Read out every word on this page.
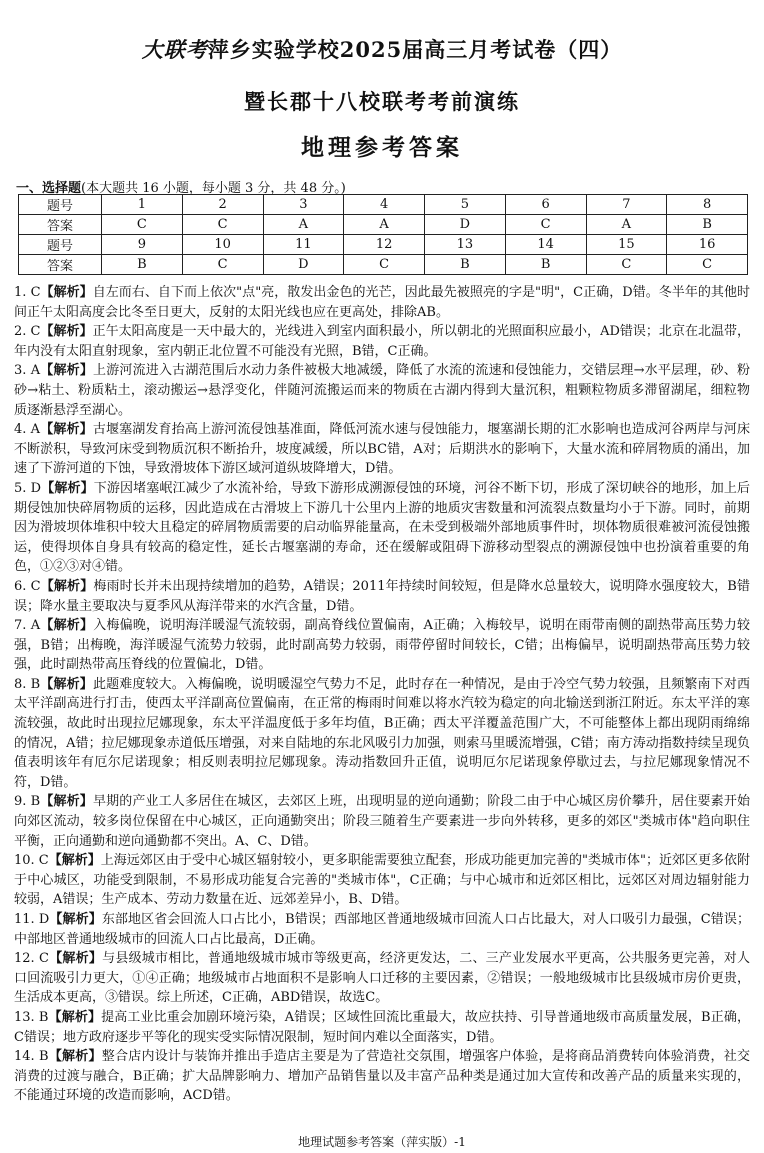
大联考萍乡实验学校2025届高三月考试卷（四）
暨长郡十八校联考考前演练
地理参考答案
一、选择题(本大题共 16 小题，每小题 3 分，共 48 分。)
题号	1	2	3	4	5	6	7	8
答案	C	C	A	A	D	C	A	B
题号	9	10	11	12	13	14	15	16
答案	B	C	D	C	B	B	C	C

1. C【解析】自左而右、自下而上依次"点"亮，散发出金色的光芒，因此最先被照亮的字是"明"，C正确，D错。冬半年的其他时间正午太阳高度会比冬至日更大，反射的太阳光线也应在更高处，排除AB。

2. C【解析】正午太阳高度是一天中最大的，光线进入到室内面积最小，所以朝北的光照面积应最小，AD错误；北京在北温带，年内没有太阳直射现象，室内朝正北位置不可能没有光照，B错，C正确。

3. A【解析】上游河流进入古湖范围后水动力条件被极大地减缓，降低了水流的流速和侵蚀能力，交错层理→水平层理，砂、粉砂→粘土、粉质粘土，滚动搬运→悬浮变化，伴随河流搬运而来的物质在古湖内得到大量沉积，粗颗粒物质多滞留湖尾，细粒物质逐渐悬浮至湖心。

4. A【解析】古堰塞湖发育抬高上游河流侵蚀基准面，降低河流水速与侵蚀能力，堰塞湖长期的汇水影响也造成河谷两岸与河床不断淤积，导致河床受到物质沉积不断抬升，坡度减缓，所以BC错，A对；后期洪水的影响下，大量水流和碎屑物质的涌出，加速了下游河道的下蚀，导致滑坡体下游区域河道纵坡降增大，D错。

5. D【解析】下游因堵塞岷江减少了水流补给，导致下游形成溯源侵蚀的环境，河谷不断下切，形成了深切峡谷的地形，加上后期侵蚀加快碎屑物质的运移，因此造成在古滑坡上下游几十公里内上游的地质灾害数量和河流裂点数量均小于下游。同时，前期因为滑坡坝体堆积中较大且稳定的碎屑物质需要的启动临界能量高，在未受到极端外部地质事件时，坝体物质很难被河流侵蚀搬运，使得坝体自身具有较高的稳定性，延长古堰塞湖的寿命，还在缓解或阻碍下游移动型裂点的溯源侵蚀中也扮演着重要的角色，①②③对④错。

6. C【解析】梅雨时长并未出现持续增加的趋势，A错误；2011年持续时间较短，但是降水总量较大，说明降水强度较大，B错误；降水量主要取决与夏季风从海洋带来的水汽含量，D错。

7. A【解析】入梅偏晚，说明海洋暖湿气流较弱，副高脊线位置偏南，A正确；入梅较早，说明在雨带南侧的副热带高压势力较强，B错；出梅晚，海洋暖湿气流势力较弱，此时副高势力较弱，雨带停留时间较长，C错；出梅偏早，说明副热带高压势力较强，此时副热带高压脊线的位置偏北，D错。

8. B【解析】此题难度较大。入梅偏晚，说明暖湿空气势力不足，此时存在一种情况，是由于冷空气势力较强，且频繁南下对西太平洋副高进行打击，使西太平洋副高位置偏南，在正常的梅雨时间难以将水汽较为稳定的向北输送到浙江附近。东太平洋的寒流较强，故此时出现拉尼娜现象，东太平洋温度低于多年均值，B正确；西太平洋覆盖范围广大，不可能整体上都出现阴雨绵绵的情况，A错；拉尼娜现象赤道低压增强，对来自陆地的东北风吸引力加强，则索马里暖流增强，C错；南方涛动指数持续呈现负值表明该年有厄尔尼诺现象；相反则表明拉尼娜现象。涛动指数回升正值，说明厄尔尼诺现象停歇过去，与拉尼娜现象情况不符，D错。

9. B【解析】早期的产业工人多居住在城区，去郊区上班，出现明显的逆向通勤；阶段二由于中心城区房价攀升，居住要素开始向郊区流动，较多岗位保留在中心城区，正向通勤突出；阶段三随着生产要素进一步向外转移，更多的郊区"类城市体"趋向职住平衡，正向通勤和逆向通勤都不突出。A、C、D错。

10. C【解析】上海远郊区由于受中心城区辐射较小，更多职能需要独立配套，形成功能更加完善的"类城市体"；近郊区更多依附于中心城区，功能受到限制，不易形成功能复合完善的"类城市体"，C正确；与中心城市和近郊区相比，远郊区对周边辐射能力较弱，A错误；生产成本、劳动力数量在近、远郊差异小，B、D错。

11. D【解析】东部地区省会回流人口占比小，B错误；西部地区普通地级城市回流人口占比最大，对人口吸引力最强，C错误；中部地区普通地级城市的回流人口占比最高，D正确。

12. C【解析】与县级城市相比，普通地级城市城市等级更高，经济更发达，二、三产业发展水平更高，公共服务更完善，对人口回流吸引力更大，①④正确；地级城市占地面积不是影响人口迁移的主要因素，②错误；一般地级城市比县级城市房价更贵，生活成本更高，③错误。综上所述，C正确，ABD错误，故选C。

13. B【解析】提高工业比重会加剧环境污染，A错误；区域性回流比重最大，故应扶持、引导普通地级市高质量发展，B正确，C错误；地方政府逐步平等化的现实受实际情况限制，短时间内难以全面落实，D错。

14. B【解析】整合店内设计与装饰并推出手造店主要是为了营造社交氛围，增强客户体验，是将商品消费转向体验消费，社交消费的过渡与融合，B正确；扩大品牌影响力、增加产品销售量以及丰富产品种类是通过加大宣传和改善产品的质量来实现的，不能通过环境的改造而影响，ACD错。

地理试题参考答案（萍实版）-1
